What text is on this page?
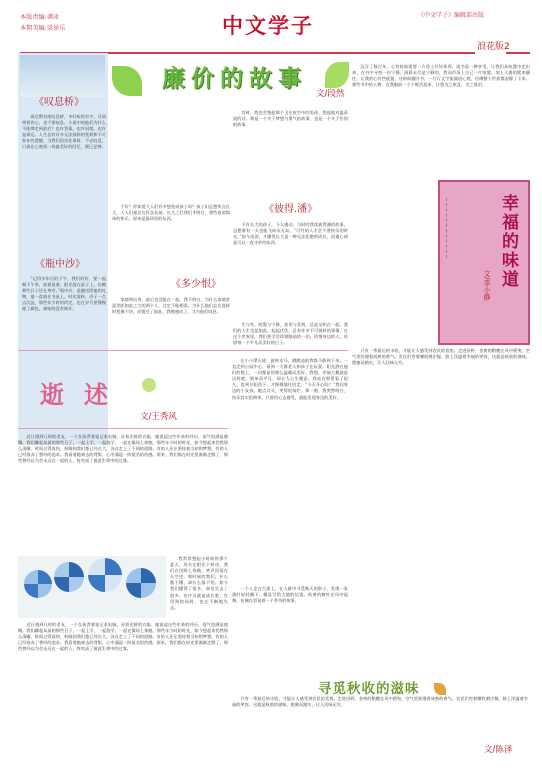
本版责编:谭冰
本期美编:梁景乐	中文学子	《中文学子》编辑部出版
浪花版2
《叹息桥》

威尼斯有座叹息桥，多好听的名字，可却带着伤心，也不要叹息。小说中的他们为什么不能够走到最后？也许答案，也许因缘，也许是命运。人生总有许多无法预料的变故和不可弥补的遗憾，当我们回首往事时，不必叹息，只需在心底留一份最美好的回忆，便已足够。

《瓶中沙》

“记得多年后的下午，我们约好，要一起喝下午茶，说着说着，阳光落在桌子上，仿佛那些日子还在身旁。”瓶中沙，是她送给他的礼物，他一直放在书桌上。时光流转，沙子一点点沉淀，那些年少时的约定，也在岁月里慢慢褪了颜色，却始终没有离开。

廉价的故事
文/段然

不好？你知道大人们有多想变成孩子吗？孩子们总想快点长大，大人们却总在怀念从前。长大之后我们才明白，那些看似简单的快乐，原来是最珍贵的东西。

有时，我也会想起那个飞在夜空中的男孩，想起他对温蒂说的话。那是一个关于梦想与勇气的故事，也是一个关于告别的故事。

《彼得.潘》

不肯长大的孩子，今人感动。当时的我读彼得潘的故事，总想着有一天也能飞向永无岛。“可怜的人才会不要快乐的时光。”如今再读，才懂得长大是一种无法拒绝的成长，而童心却是可以一直守护的东西。

《多少恨》

家境和出身，最后也没能在一起。我不明白，为什么家境贫富差距如此之大的两个人，注定不能相爱。为什么他们总在选择时犹豫不决，而错过了彼此。我被感动了，又为他们叹息。

生与死，喧嚣与宁静，悲伤与喜悦，总是交织在一起。我们的人生也是如此，起起伏伏，总有许多不可预料的事情。在这个世界里，我们要学会珍惜眼前的一切，珍惜身边的人，珍惜每一个平凡而美好的日子。

沉浮了数百年，心有时候需要一方净土好好休养。读书是一种享受，让我们从喧嚣中走出来，在书中寻找一份宁静。清晨未尽是宁静的，然而市场上早已一片喧嚣。加上人群的熙来攘往，让我的心有些疲惫，这时候翻开书，一行行文字流淌进心底，仿佛整个世界都安静了下来。那些书中的人物，在我眼前一个个鲜活起来，让我为之欢喜，为之落泪。

幸福的味道
文/李小静

只有一季最后的丰收，才能让人感受到农民的喜悦。走进田野，金黄的稻穗在风中摇曳，空气里弥漫着成熟的香气。农民们弯着腰收割庄稼，脸上洋溢着幸福的笑容。这就是秋收的滋味，甜蜜而踏实，让人回味无穷。

逝述
文/王秀风

近日遇到几时的老友，一个女孩背着笔记本电脑，穿着光鲜的衣服。她说起这些年来的经历，语气里满是感慨。我们聊起从前的那些日子，一起上学，一起放学，一起在操场上奔跑。那些年少时的时光，如今想起来仍然那么清晰。时间过得真快，转眼间我们都已经长大，各自走上了不同的道路。有的人还在坚持着当初的梦想，有的人已经放弃了曾经的追求。我看着她离去的背影，心中涌起一阵莫名的伤感。原来，我们都在时光里渐渐走散了，那些曾经以为会永远在一起的人，终究成了彼此生命中的过客。

我常常想起小时候的那个夏天，风车在阳光下转动，我们在田野上奔跑，笑声回荡在天空里。那时候的我们，什么都不懂，却什么都不怕。如今我们懂得了很多，却也失去了很多。也许这就是成长吧，在得到的同时，也在不断地失去。

近日遇到几时的老友，一个女孩背着笔记本电脑，穿着光鲜的衣服。她说起这些年来的经历，语气里满是感慨。我们聊起从前的那些日子，一起上学，一起放学，一起在操场上奔跑。那些年少时的时光，如今想起来仍然那么清晰。时间过得真快，转眼间我们都已经长大，各自走上了不同的道路。有的人还在坚持着当初的梦想，有的人已经放弃了曾经的追求。我看着她离去的背影，心中涌起一阵莫名的伤感。原来，我们都在时光里渐渐走散了，那些曾经以为会永远在一起的人，终究成了彼此生命中的过客。

在小小摩天轮、旋转木马、跳跳池前我都不敢停下来，一直走到公园中心，看到一大群老人和孩子在玩耍。阳光洒在他们的脸上，一切都显得那么温暖而美好。我想，幸福大概就是这样吧，简单而平凡，却让人心生暖意。我站在那里看了很久，直到夕阳西下，才慢慢地往回走。“今天开心吗？”我问身边的小女孩。她点点头，笑得很灿烂。那一刻，我突然明白，快乐其实很简单，只要用心去感受，就能发现身边的美好。

一个人走在大街上，在人群中寻觅秋天的影子。发现一张落叶轻轻飘下，像是写给大地的信笺。枯黄的树叶在风中起舞，仿佛在诉说着一个季节的故事。

寻觅秋收的滋味

只有一季最后的丰收，才能让人感受到农民的喜悦。走进田野，金黄的稻穗在风中摇曳，空气里弥漫着成熟的香气。农民们弯着腰收割庄稼，脸上洋溢着幸福的笑容。这就是秋收的滋味，甜蜜而踏实，让人回味无穷。

文/陈泽
